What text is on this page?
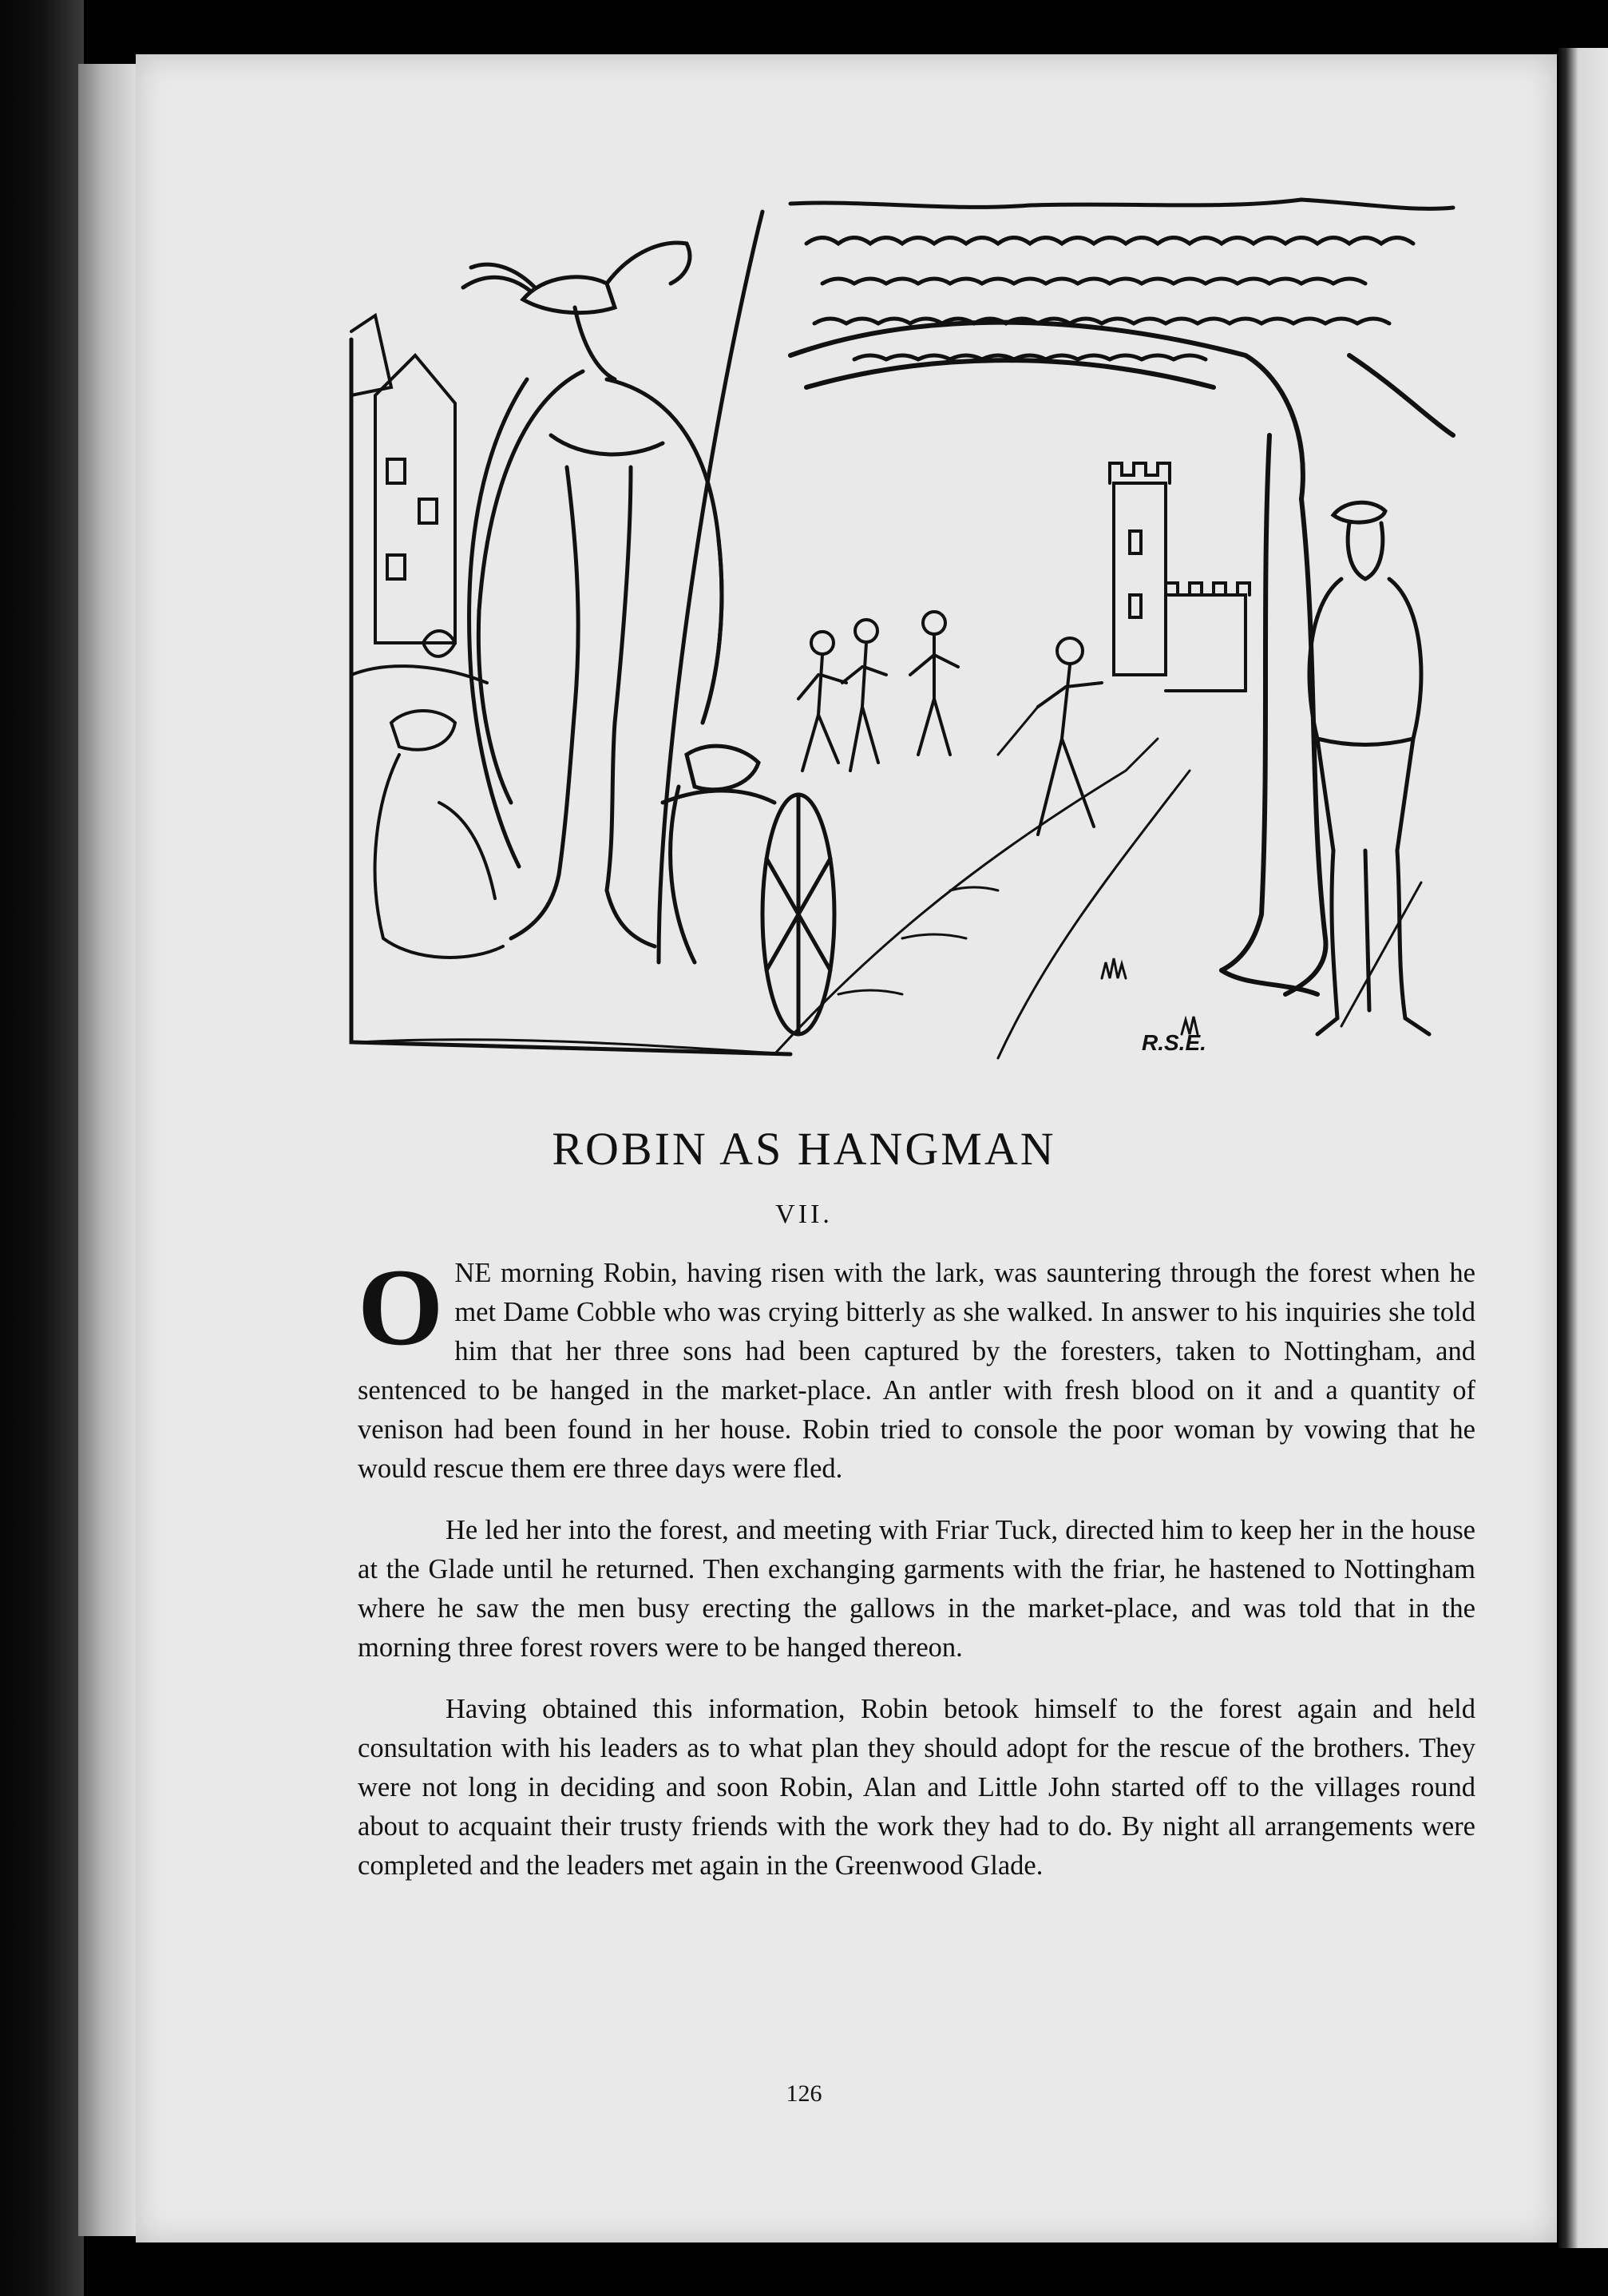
R.S.E.
ROBIN AS HANGMAN
VII.

ONE morning Robin, having risen with the lark, was sauntering through the forest when he met Dame Cobble who was crying bitterly as she walked. In answer to his inquiries she told him that her three sons had been captured by the foresters, taken to Nottingham, and sentenced to be hanged in the market-place. An antler with fresh blood on it and a quantity of venison had been found in her house. Robin tried to console the poor woman by vowing that he would rescue them ere three days were fled.

He led her into the forest, and meeting with Friar Tuck, directed him to keep her in the house at the Glade until he returned. Then exchanging garments with the friar, he hastened to Nottingham where he saw the men busy erecting the gallows in the market-place, and was told that in the morning three forest rovers were to be hanged thereon.

Having obtained this information, Robin betook himself to the forest again and held consultation with his leaders as to what plan they should adopt for the rescue of the brothers. They were not long in deciding and soon Robin, Alan and Little John started off to the villages round about to acquaint their trusty friends with the work they had to do. By night all arrangements were completed and the leaders met again in the Greenwood Glade.

126
